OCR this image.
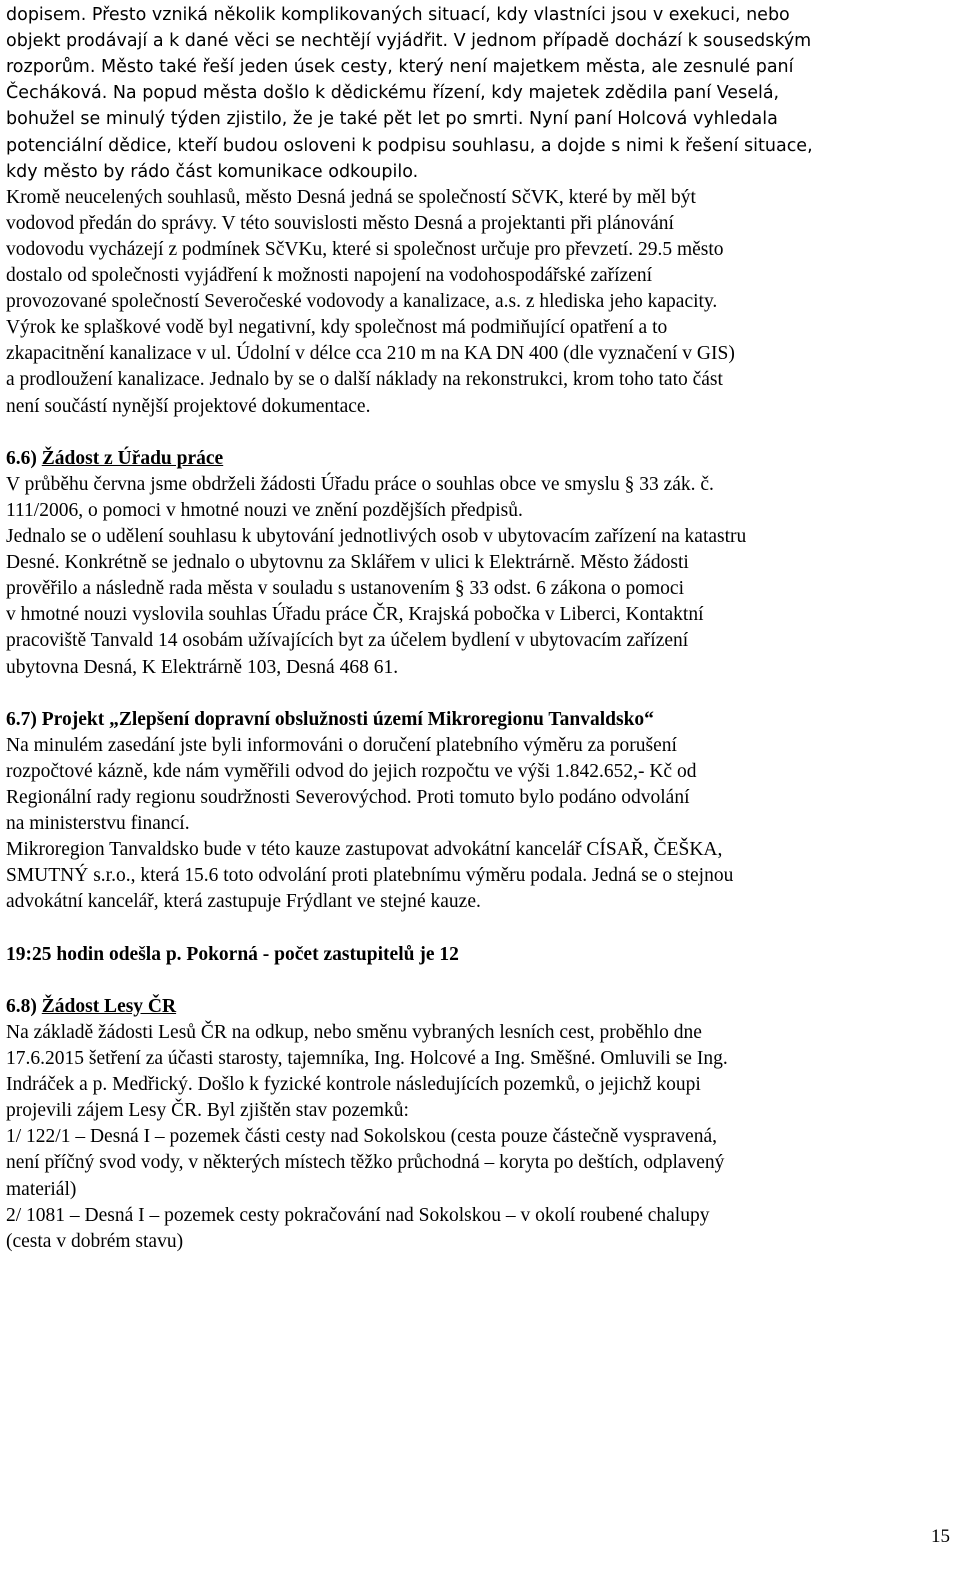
15
dopisem. Přesto vzniká několik komplikovaných situací, kdy vlastníci jsou v exekuci, nebo
objekt prodávají a k dané věci se nechtějí vyjádřit. V jednom případě dochází k sousedským
rozporům. Město také řeší jeden úsek cesty, který není majetkem města, ale zesnulé paní
Čecháková. Na popud města došlo k dědickému řízení, kdy majetek zdědila paní Veselá,
bohužel se minulý týden zjistilo, že je také pět let po smrti. Nyní paní Holcová vyhledala
potenciální dědice, kteří budou osloveni k podpisu souhlasu, a dojde s nimi k řešení situace,
kdy město by rádo část komunikace odkoupilo.
Kromě neucelených souhlasů, město Desná jedná se společností SčVK, které by měl být
vodovod předán do správy. V této souvislosti město Desná a projektanti při plánování
vodovodu vycházejí z podmínek SčVKu, které si společnost určuje pro převzetí. 29.5 město
dostalo od společnosti vyjádření k možnosti napojení na vodohospodářské zařízení
provozované společností Severočeské vodovody a kanalizace, a.s. z hlediska jeho kapacity.
Výrok ke splaškové vodě byl negativní, kdy společnost má podmiňující opatření a to
zkapacitnění kanalizace v ul. Údolní v délce cca 210 m na KA DN 400 (dle vyznačení v GIS)
a prodloužení kanalizace. Jednalo by se o další náklady na rekonstrukci, krom toho tato část
není součástí nynější projektové dokumentace.
6.6) Žádost z Úřadu práce
V průběhu června jsme obdrželi žádosti Úřadu práce o souhlas obce ve smyslu § 33 zák. č.
111/2006, o pomoci v hmotné nouzi ve znění pozdějších předpisů.
Jednalo se o udělení souhlasu k ubytování jednotlivých osob v ubytovacím zařízení na katastru
Desné. Konkrétně se jednalo o ubytovnu za Sklářem v ulici k Elektrárně. Město žádosti
prověřilo a následně rada města v souladu s ustanovením § 33 odst. 6 zákona o pomoci
v hmotné nouzi vyslovila souhlas Úřadu práce ČR, Krajská pobočka v Liberci, Kontaktní
pracoviště Tanvald 14 osobám užívajících byt za účelem bydlení v ubytovacím zařízení
ubytovna Desná, K Elektrárně 103, Desná 468 61.
6.7) Projekt „Zlepšení dopravní obslužnosti území Mikroregionu Tanvaldsko“
Na minulém zasedání jste byli informováni o doručení platebního výměru za porušení
rozpočtové kázně, kde nám vyměřili odvod do jejich rozpočtu ve výši 1.842.652,- Kč od
Regionální rady regionu soudržnosti Severovýchod. Proti tomuto bylo podáno odvolání
na ministerstvu financí.
Mikroregion Tanvaldsko bude v této kauze zastupovat advokátní kancelář CÍSAŘ, ČEŠKA,
SMUTNÝ s.r.o., která 15.6 toto odvolání proti platebnímu výměru podala. Jedná se o stejnou
advokátní kancelář, která zastupuje Frýdlant ve stejné kauze.
19:25 hodin odešla p. Pokorná - počet zastupitelů je 12
6.8) Žádost Lesy ČR
Na základě žádosti Lesů ČR na odkup, nebo směnu vybraných lesních cest, proběhlo dne
17.6.2015 šetření za účasti starosty, tajemníka, Ing. Holcové a Ing. Směšné. Omluvili se Ing.
Indráček a p. Medřický. Došlo k fyzické kontrole následujících pozemků, o jejichž koupi
projevili zájem Lesy ČR. Byl zjištěn stav pozemků:
1/ 122/1 – Desná I – pozemek části cesty nad Sokolskou (cesta pouze částečně vyspravená,
není příčný svod vody, v některých místech těžko průchodná – koryta po deštích, odplavený
materiál)
2/ 1081 – Desná I – pozemek cesty pokračování nad Sokolskou – v okolí roubené chalupy
(cesta v dobrém stavu)
